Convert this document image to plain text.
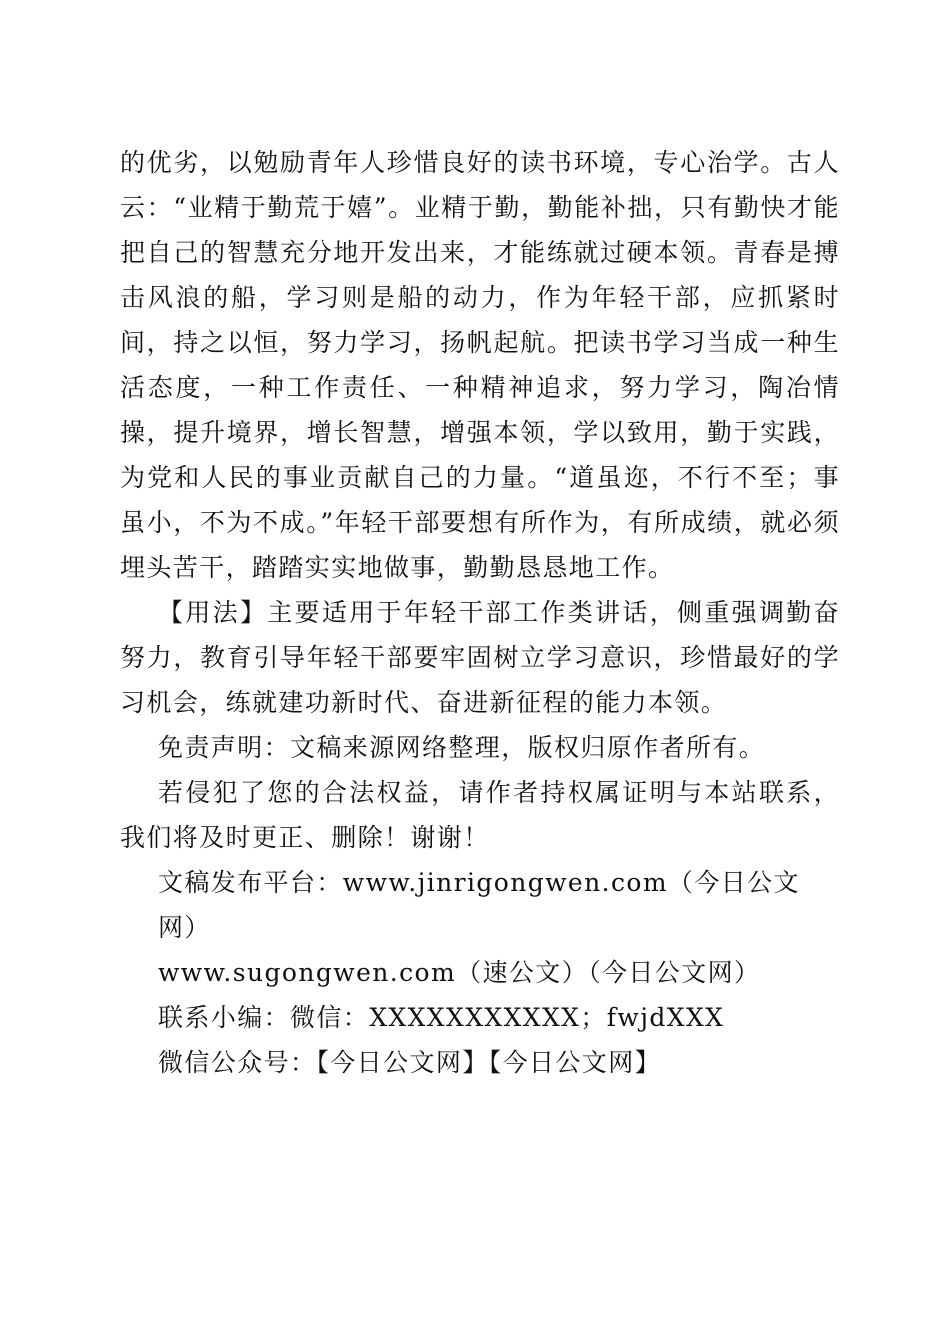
的优劣，以勉励青年人珍惜良好的读书环境，专心治学。古人云：“业精于勤荒于嬉”。业精于勤，勤能补拙，只有勤快才能把自己的智慧充分地开发出来，才能练就过硬本领。青春是搏击风浪的船，学习则是船的动力，作为年轻干部，应抓紧时间，持之以恒，努力学习，扬帆起航。把读书学习当成一种生活态度，一种工作责任、一种精神追求，努力学习，陶冶情操，提升境界，增长智慧，增强本领，学以致用，勤于实践，为党和人民的事业贡献自己的力量。“道虽迩，不行不至；事虽小，不为不成。”年轻干部要想有所作为，有所成绩，就必须埋头苦干，踏踏实实地做事，勤勤恳恳地工作。

【用法】主要适用于年轻干部工作类讲话，侧重强调勤奋努力，教育引导年轻干部要牢固树立学习意识，珍惜最好的学习机会，练就建功新时代、奋进新征程的能力本领。

免责声明：文稿来源网络整理，版权归原作者所有。

若侵犯了您的合法权益，请作者持权属证明与本站联系，我们将及时更正、删除！谢谢！

文稿发布平台：www.jinrigongwen.com（今日公文网）

www.sugongwen.com（速公文）（今日公文网）

联系小编：微信：XXXXXXXXXXX；fwjdXXX

微信公众号：【今日公文网】【今日公文网】
